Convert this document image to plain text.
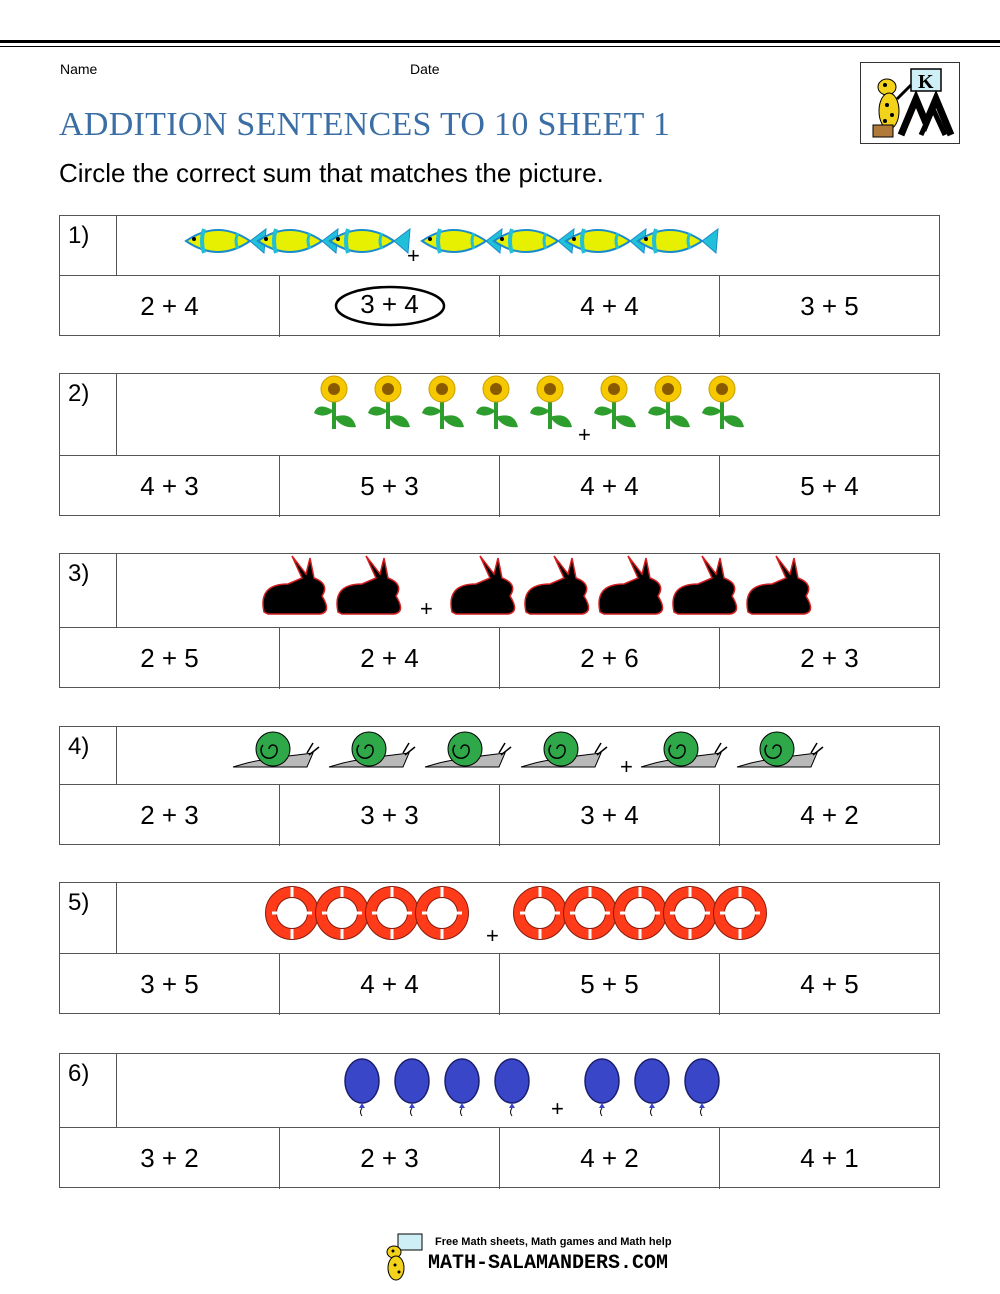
Name	Date
ADDITION SENTENCES TO 10 SHEET 1
Circle the correct sum that matches the picture.
K
1)
+
2 + 4	3 + 4	4 + 4	3 + 5
2)
+
4 + 3	5 + 3	4 + 4	5 + 4
3)
+
2 + 5	2 + 4	2 + 6	2 + 3
4)
+
2 + 3	3 + 3	3 + 4	4 + 2
5)
+
3 + 5	4 + 4	5 + 5	4 + 5
6)
+
3 + 2	2 + 3	4 + 2	4 + 1
Free Math sheets, Math games and Math help
MATH-SALAMANDERS.COM
